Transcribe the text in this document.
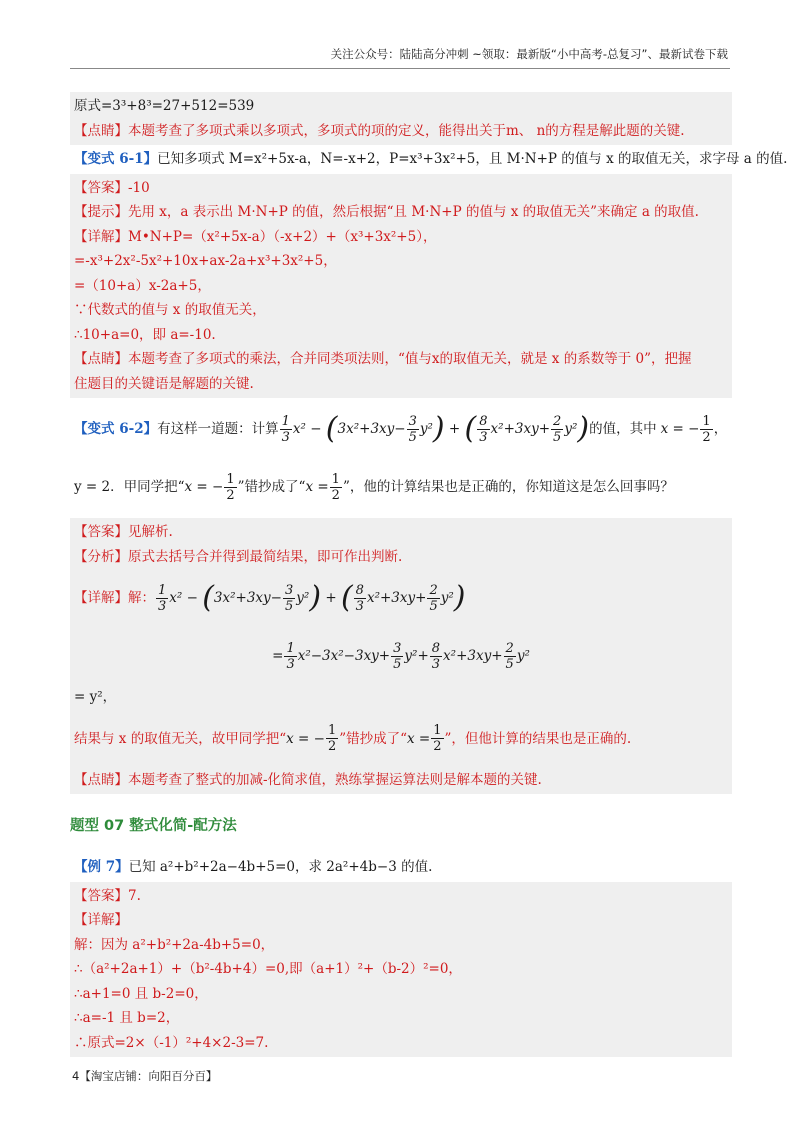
关注公众号：陆陆高分冲刺 ~领取：最新版“小中高考-总复习”、最新试卷下载
原式=3³+8³=27+512=539
【点睛】本题考查了多项式乘以多项式，多项式的项的定义，能得出关于m、 n的方程是解此题的关键.
【变式 6-1】已知多项式 M=x²+5x-a，N=-x+2，P=x³+3x²+5，且 M·N+P 的值与 x 的取值无关，求字母 a 的值.
【答案】-10
【提示】先用 x，a 表示出 M·N+P 的值，然后根据“且 M·N+P 的值与 x 的取值无关”来确定 a 的取值.
【详解】M•N+P=（x²+5x-a）（-x+2）+（x³+3x²+5），
=-x³+2x²-5x²+10x+ax-2a+x³+3x²+5，
=（10+a）x-2a+5，
∵代数式的值与 x 的取值无关，
∴10+a=0，即 a=-10.
【点睛】本题考查了多项式的乘法，合并同类项法则，“值与x的取值无关，就是 x 的系数等于 0”，把握
住题目的关键语是解题的关键.
【变式 6-2】 有这样一道题：计算 $\frac{1}{3} x^2$ − ( $3x^2+3xy- \frac{3}{5} y^2$ ) + ( $\frac{8}{3} x^2+3xy+ \frac{2}{5} y^2$ ) 的值，其中 x = − $\frac{1}{2}$ ，
y = 2．甲同学把“ x = − $\frac{1}{2}$ ”错抄成了“ $x = \frac{1}{2}$ ”，他的计算结果也是正确的，你知道这是怎么回事吗？
【答案】见解析.
【分析】原式去括号合并得到最简结果，即可作出判断.
【详解】解： $\frac{1}{3} x^2$ − ( $3x^2+3xy- \frac{3}{5} y^2$ ) + ( $\frac{8}{3} x^2+3xy+ \frac{2}{5} y^2$ )
= $\frac{1}{3} x^2-3x^2-3xy+ \frac{3}{5} y^2+ \frac{8}{3} x^2+3xy+ \frac{2}{5} y^2$
= y²，
结果与 x 的取值无关，故甲同学把“ x = − $\frac{1}{2}$ ”错抄成了“ $x = \frac{1}{2}$ ”，但他计算的结果也是正确的.
【点睛】本题考查了整式的加减-化简求值，熟练掌握运算法则是解本题的关键.
题型 07 整式化简-配方法
【例 7】已知 a²+b²+2a−4b+5=0，求 2a²+4b−3 的值.
【答案】7.
【详解】
解：因为 a²+b²+2a-4b+5=0，
∴（a²+2a+1）+（b²-4b+4）=0,即（a+1）²+（b-2）²=0，
∴a+1=0 且 b-2=0，
∴a=-1 且 b=2，
∴原式=2×（-1）²+4×2-3=7.
4【淘宝店铺：向阳百分百】
